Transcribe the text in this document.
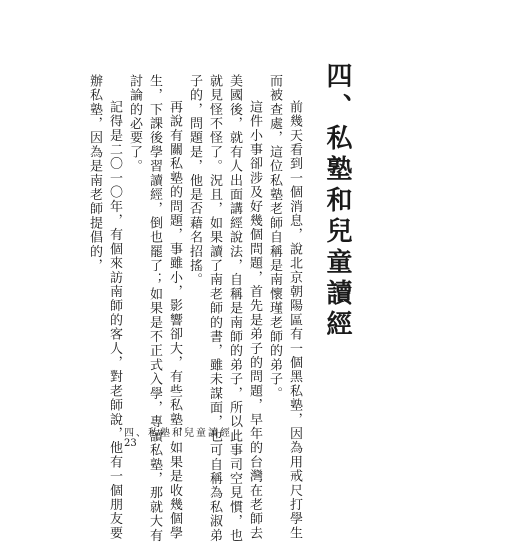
四、私塾和兒童讀經
前幾天看到一個消息，說北京朝陽區有一個黑私塾，因為用戒尺打學生
而被查處，這位私塾老師自稱是南懷瑾老師的弟子。
這件小事卻涉及好幾個問題，首先是弟子的問題，早年的台灣在老師去
美國後，就有人出面講經說法，自稱是南師的弟子，所以此事司空見慣，也
就見怪不怪了。況且，如果讀了南老師的書，雖未謀面，也可自稱為私淑弟
子的，問題是，他是否藉名招搖。
再說有關私塾的問題，事雖小，影響卻大，有些私塾，如果是收幾個學
生，下課後學習讀經，倒也罷了；如果是不正式入學，專讀私塾，那就大有
討論的必要了。
記得是二〇一〇年，有個來訪南師的客人，對老師說，他有一個朋友要
辦私塾，因為是南老師提倡的，
四、私塾和兒童讀經
23
